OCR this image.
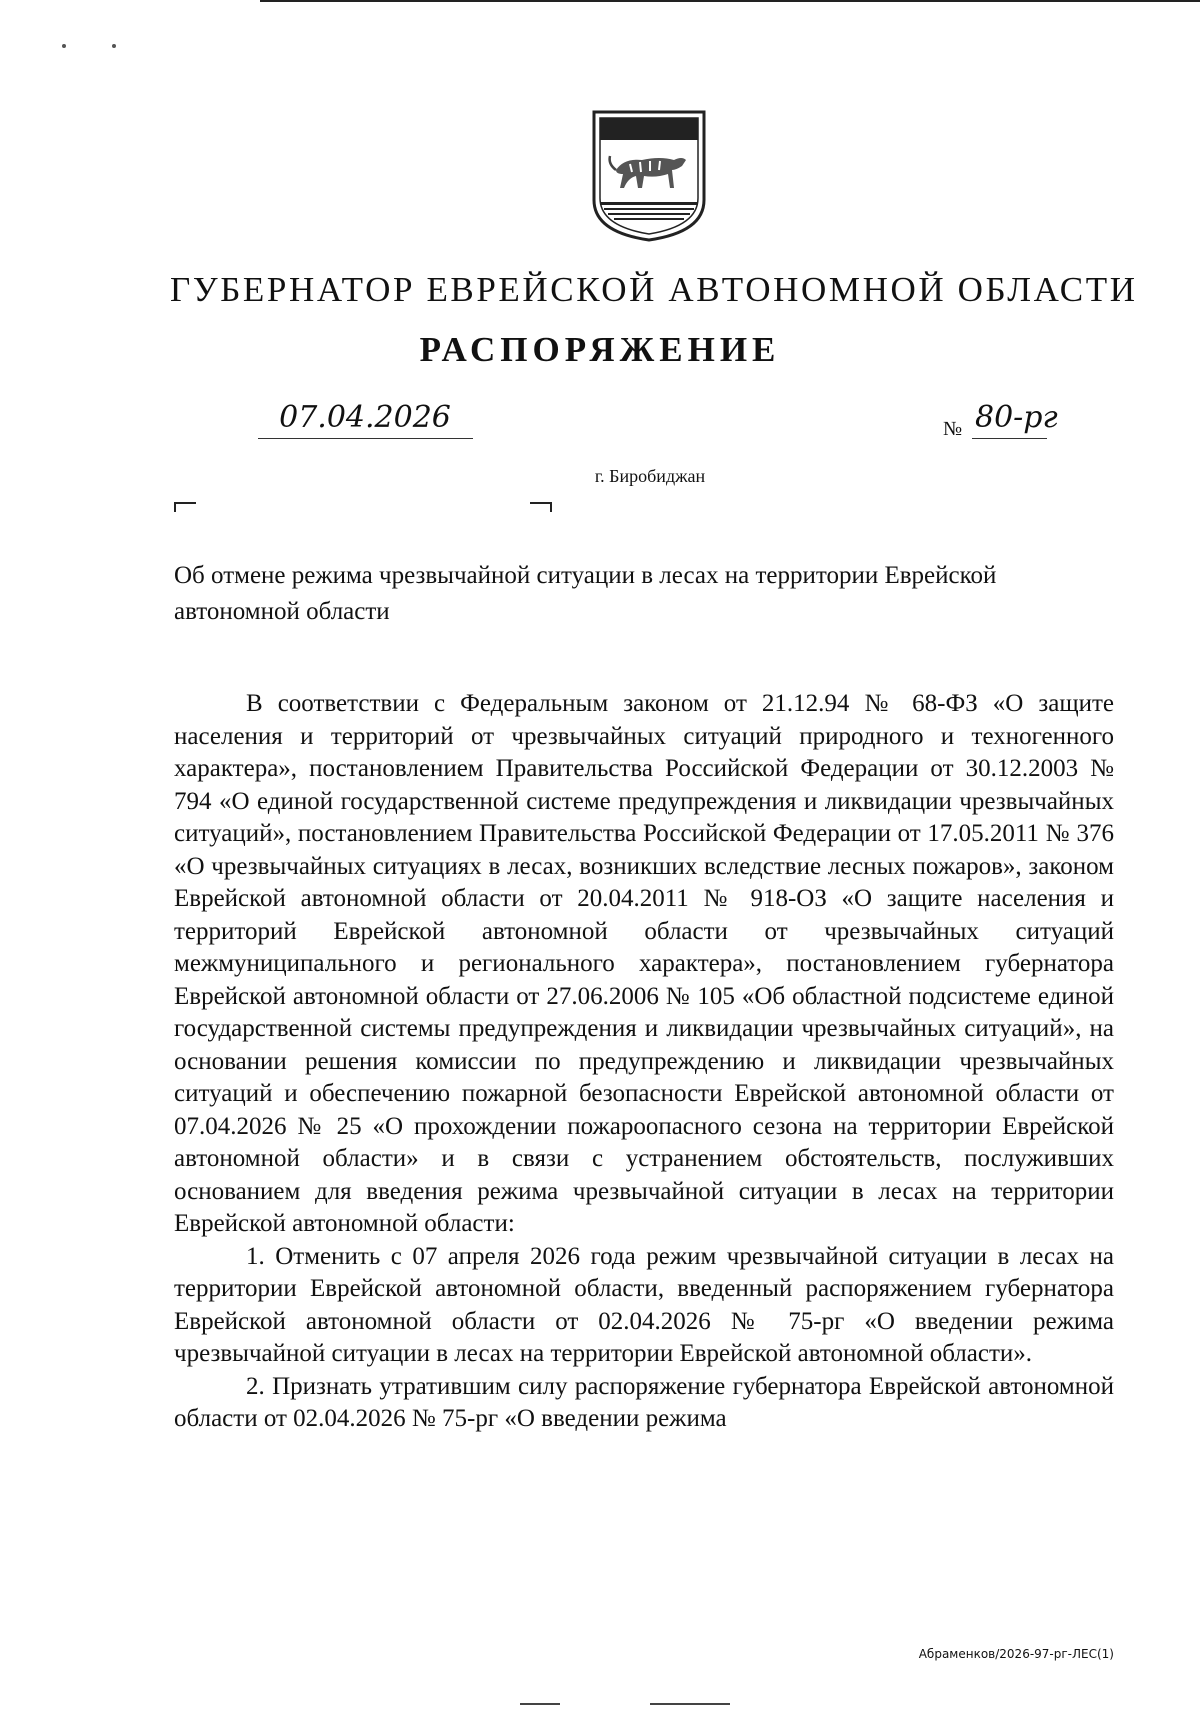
ГУБЕРНАТОР ЕВРЕЙСКОЙ АВТОНОМНОЙ ОБЛАСТИ
РАСПОРЯЖЕНИЕ
07.04.2026	№ 80-рг
г. Биробиджан
Об отмене режима чрезвычайной ситуации в лесах на территории Еврейской автономной области

В соответствии с Федеральным законом от 21.12.94 № 68-ФЗ «О защите населения и территорий от чрезвычайных ситуаций природного и техногенного характера», постановлением Правительства Российской Федерации от 30.12.2003 № 794 «О единой государственной системе предупреждения и ликвидации чрезвычайных ситуаций», постановлением Правительства Российской Федерации от 17.05.2011 № 376 «О чрезвычайных ситуациях в лесах, возникших вследствие лесных пожаров», законом Еврейской автономной области от 20.04.2011 № 918-ОЗ «О защите населения и территорий Еврейской автономной области от чрезвычайных ситуаций межмуниципального и регионального характера», постановлением губернатора Еврейской автономной области от 27.06.2006 № 105 «Об областной подсистеме единой государственной системы предупреждения и ликвидации чрезвычайных ситуаций», на основании решения комиссии по предупреждению и ликвидации чрезвычайных ситуаций и обеспечению пожарной безопасности Еврейской автономной области от 07.04.2026 № 25 «О прохождении пожароопасного сезона на территории Еврейской автономной области» и в связи с устранением обстоятельств, послуживших основанием для введения режима чрезвычайной ситуации в лесах на территории Еврейской автономной области:

1. Отменить с 07 апреля 2026 года режим чрезвычайной ситуации в лесах на территории Еврейской автономной области, введенный распоряжением губернатора Еврейской автономной области от 02.04.2026 № 75-рг «О введении режима чрезвычайной ситуации в лесах на территории Еврейской автономной области».

2. Признать утратившим силу распоряжение губернатора Еврейской автономной области от 02.04.2026 № 75-рг «О введении режима

Абраменков/2026-97-рг-ЛЕС(1)
